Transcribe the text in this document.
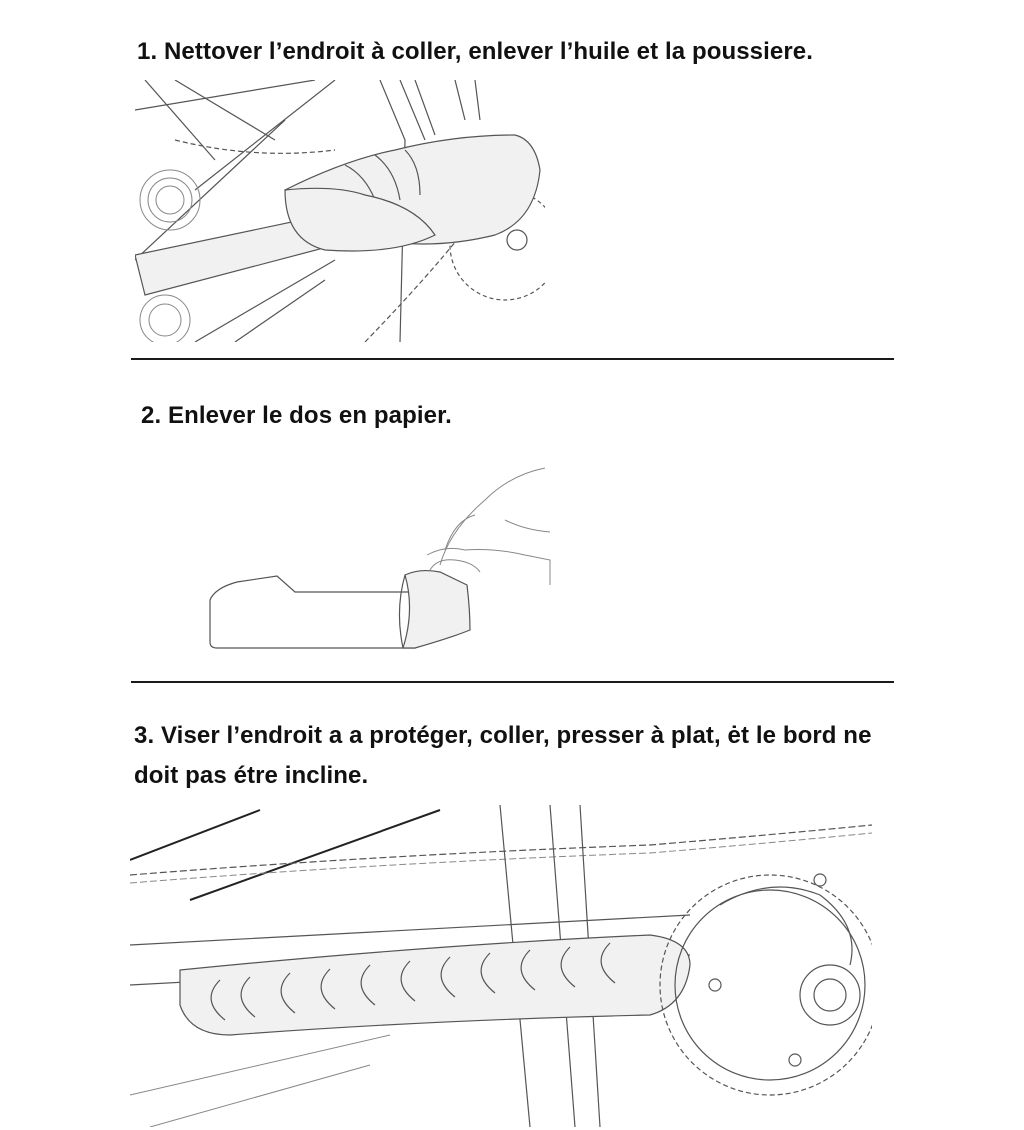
1. Nettover l’endroit à coller, enlever l’huile et la poussiere.
2. Enlever le dos en papier.
3. Viser l’endroit a a protéger, coller, presser à plat, ėt le bord ne doit pas étre incline.
